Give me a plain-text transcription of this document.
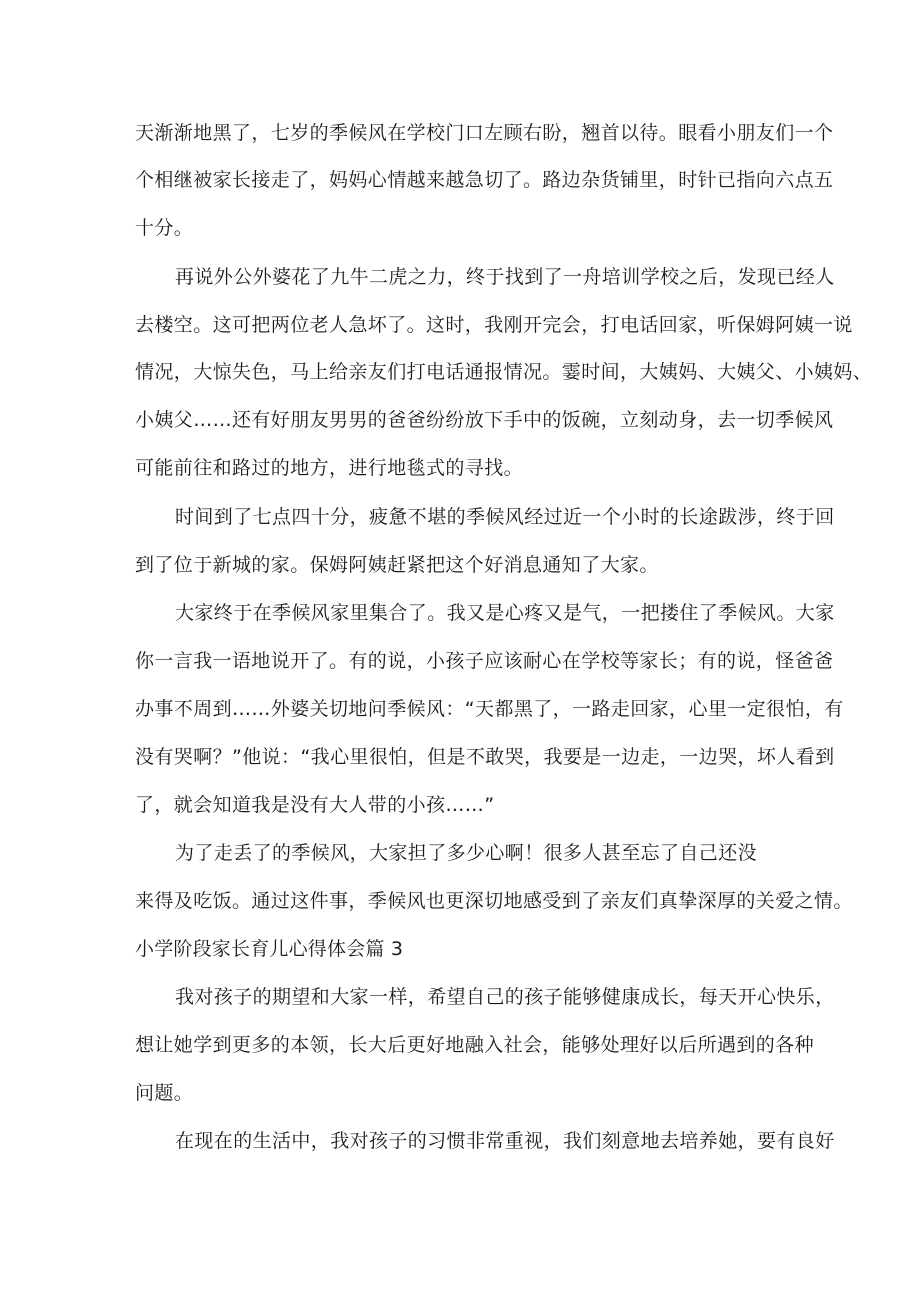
天渐渐地黑了，七岁的季候风在学校门口左顾右盼，翘首以待。眼看小朋友们一个
个相继被家长接走了，妈妈心情越来越急切了。路边杂货铺里，时针已指向六点五
十分。
再说外公外婆花了九牛二虎之力，终于找到了一舟培训学校之后，发现已经人
去楼空。这可把两位老人急坏了。这时，我刚开完会，打电话回家，听保姆阿姨一说
情况，大惊失色，马上给亲友们打电话通报情况。霎时间，大姨妈、大姨父、小姨妈、
小姨父……还有好朋友男男的爸爸纷纷放下手中的饭碗，立刻动身，去一切季候风
可能前往和路过的地方，进行地毯式的寻找。
时间到了七点四十分，疲惫不堪的季候风经过近一个小时的长途跋涉，终于回
到了位于新城的家。保姆阿姨赶紧把这个好消息通知了大家。
大家终于在季候风家里集合了。我又是心疼又是气，一把搂住了季候风。大家
你一言我一语地说开了。有的说，小孩子应该耐心在学校等家长；有的说，怪爸爸
办事不周到……外婆关切地问季候风：“天都黑了，一路走回家，心里一定很怕，有
没有哭啊？”他说：“我心里很怕，但是不敢哭，我要是一边走，一边哭，坏人看到
了，就会知道我是没有大人带的小孩……”
为了走丢了的季候风，大家担了多少心啊！很多人甚至忘了自己还没
来得及吃饭。通过这件事，季候风也更深切地感受到了亲友们真挚深厚的关爱之情。
小学阶段家长育儿心得体会篇 3
我对孩子的期望和大家一样，希望自己的孩子能够健康成长，每天开心快乐，
想让她学到更多的本领，长大后更好地融入社会，能够处理好以后所遇到的各种
问题。
在现在的生活中，我对孩子的习惯非常重视，我们刻意地去培养她，要有良好
